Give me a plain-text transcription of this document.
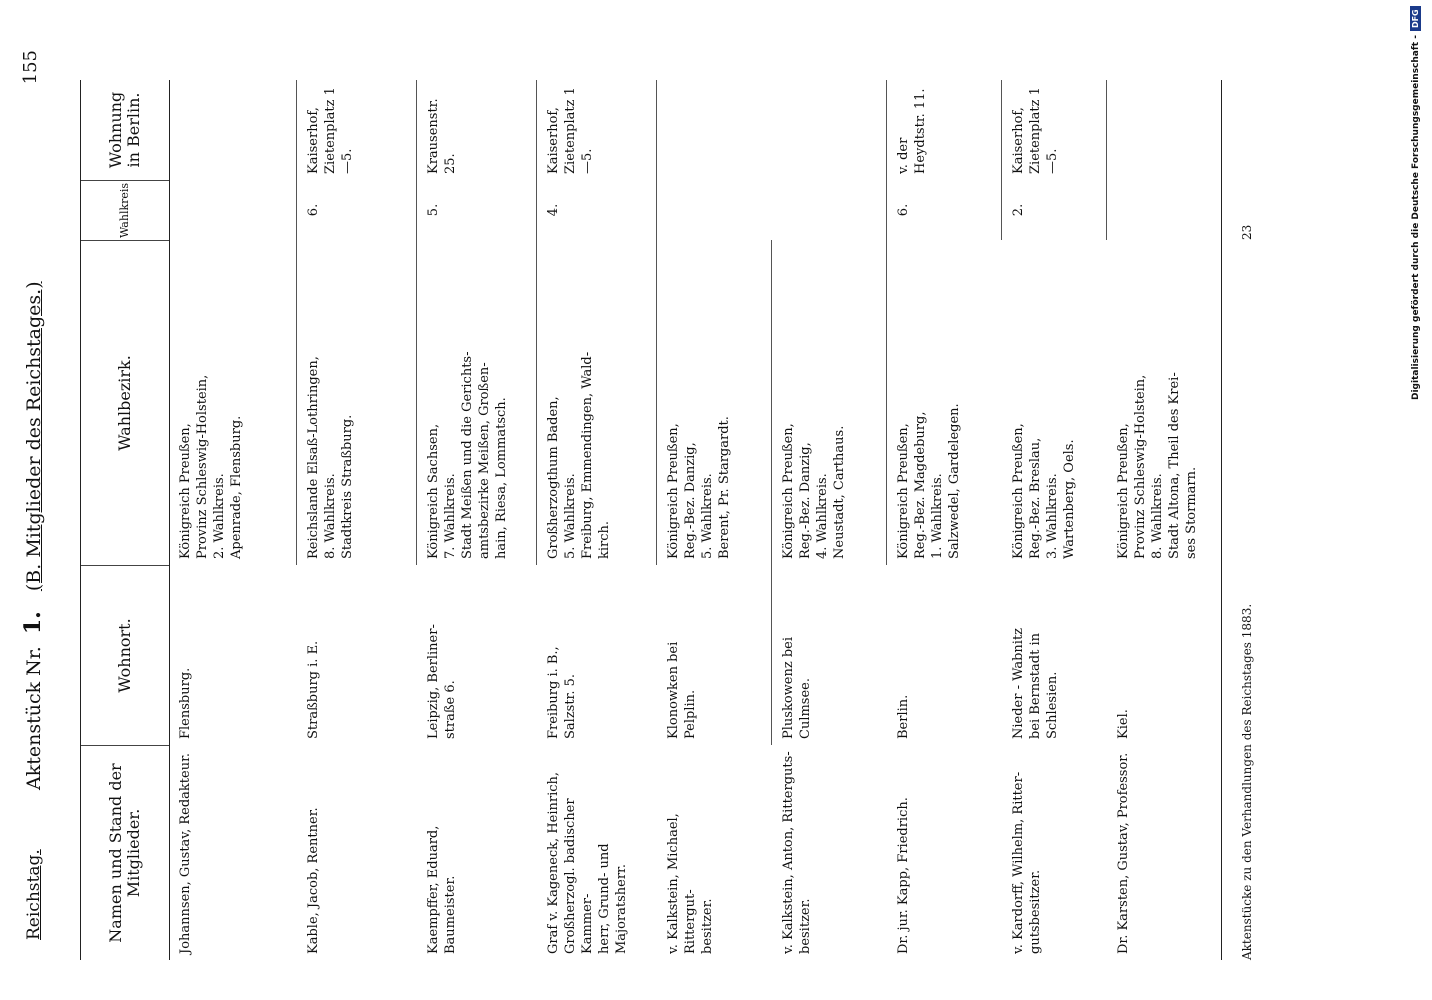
Reichstag.
Aktenstück Nr. 1. (B. Mitglieder des Reichstages.)
155
Namen und Stand der Mitglieder.
Wohnort.
Wahlbezirk.
Wahlkreis
Wohnung in Berlin.
Johannsen, Gustav, Redakteur.
Flensburg.
Königreich Preußen,
Provinz Schleswig-Holstein,
2. Wahlkreis.
Apenrade, Flensburg.
Kable, Jacob, Rentner.
Straßburg i. E.
Reichslande Elsaß-Lothringen,
8. Wahlkreis.
Stadtkreis Straßburg.
6.
Kaiserhof,
Zietenplatz 1—5.
Kaempffer, Eduard, Baumeister.
Leipzig, Berliner-
straße 6.
Königreich Sachsen,
7. Wahlkreis.
Stadt Meißen und die Gerichts-
amtsbezirke Meißen, Großen-
hain, Riesa, Lommatsch.
5.
Krausenstr. 25.
Graf v. Kageneck, Heinrich,
Großherzogl. badischer Kammer-
herr, Grund- und Majoratsherr.
Freiburg i. B.,
Salzstr. 5.
Großherzogthum Baden,
5. Wahlkreis.
Freiburg, Emmendingen, Wald-
kirch.
4.
Kaiserhof,
Zietenplatz 1—5.
v. Kalkstein, Michael, Rittergut-
besitzer.
Klonowken bei
Pelplin.
Königreich Preußen,
Reg.-Bez. Danzig,
5. Wahlkreis.
Berent, Pr. Stargardt.
v. Kalkstein, Anton, Ritterguts-
besitzer.
Pluskowenz bei
Culmsee.
Königreich Preußen,
Reg.-Bez. Danzig,
4. Wahlkreis.
Neustadt, Carthaus.
Dr. jur. Kapp, Friedrich.
Berlin.
Königreich Preußen,
Reg.-Bez. Magdeburg,
1. Wahlkreis.
Salzwedel, Gardelegen.
6.
v. der Heydtstr. 11.
v. Kardorff, Wilhelm, Ritter-
gutsbesitzer.
Nieder - Wabnitz
bei Bernstadt in
Schlesien.
Königreich Preußen,
Reg.-Bez. Breslau,
3. Wahlkreis.
Wartenberg, Oels.
2.
Kaiserhof,
Zietenplatz 1—5.
Dr. Karsten, Gustav, Professor.
Kiel.
Königreich Preußen,
Provinz Schleswig-Holstein,
8. Wahlkreis.
Stadt Altona, Theil des Krei-
ses Stormarn.
Aktenstücke zu den Verhandlungen des Reichstages 1883.
23	Digitalisierung gefördert durch die Deutsche Forschungsgemeinschaft -DFG
